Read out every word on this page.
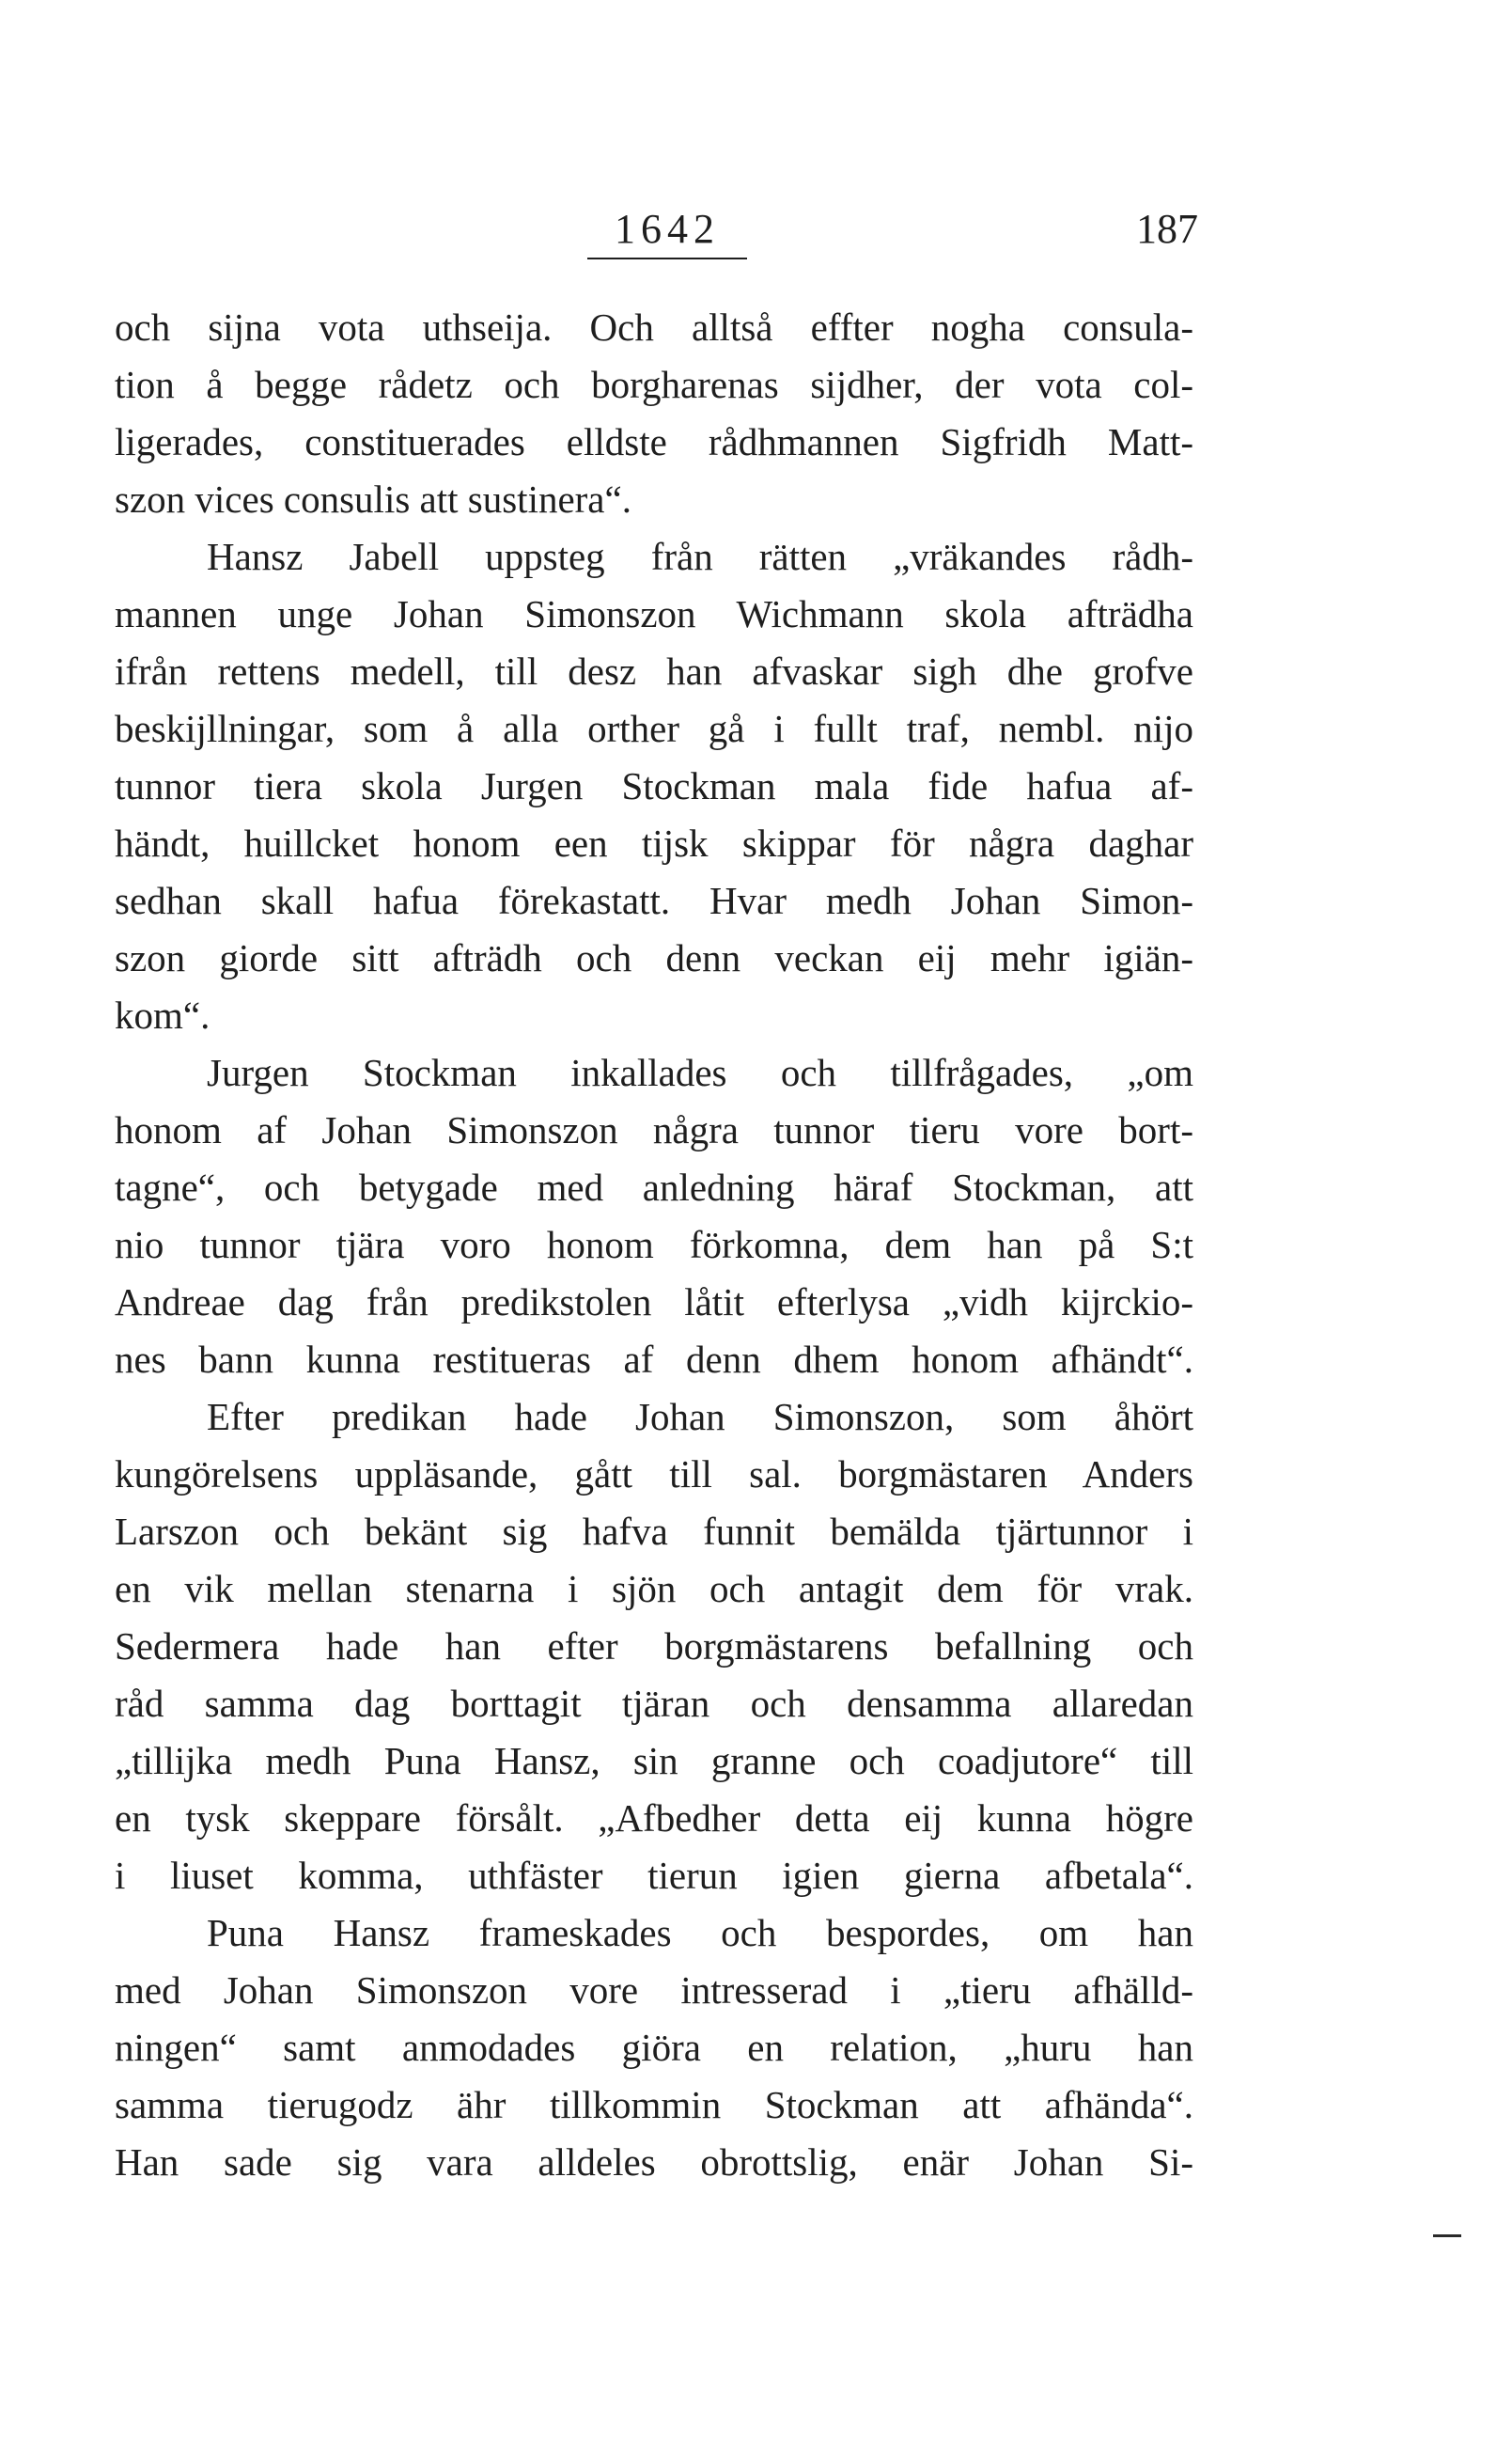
1642	187
och sijna vota uthseija. Och alltså effter nogha consula-
tion å begge rådetz och borgharenas sijdher, der vota col-
ligerades, constituerades elldste rådhmannen Sigfridh Matt-
szon vices consulis att sustinera“.
Hansz Jabell uppsteg från rätten „vräkandes rådh-
mannen unge Johan Simonszon Wichmann skola afträdha
ifrån rettens medell, till desz han afvaskar sigh dhe grofve
beskijllningar, som å alla orther gå i fullt traf, nembl. nijo
tunnor tiera skola Jurgen Stockman mala fide hafua af-
händt, huillcket honom een tijsk skippar för några daghar
sedhan skall hafua förekastatt. Hvar medh Johan Simon-
szon giorde sitt afträdh och denn veckan eij mehr igiän-
kom“.
Jurgen Stockman inkallades och tillfrågades, „om
honom af Johan Simonszon några tunnor tieru vore bort-
tagne“, och betygade med anledning häraf Stockman, att
nio tunnor tjära voro honom förkomna, dem han på S:t
Andreae dag från predikstolen låtit efterlysa „vidh kijrckio-
nes bann kunna restitueras af denn dhem honom afhändt“.
Efter predikan hade Johan Simonszon, som åhört
kungörelsens uppläsande, gått till sal. borgmästaren Anders
Larszon och bekänt sig hafva funnit bemälda tjärtunnor i
en vik mellan stenarna i sjön och antagit dem för vrak.
Sedermera hade han efter borgmästarens befallning och
råd samma dag borttagit tjäran och densamma allaredan
„tillijka medh Puna Hansz, sin granne och coadjutore“ till
en tysk skeppare försålt. „Afbedher detta eij kunna högre
i liuset komma, uthfäster tierun igien gierna afbetala“.
Puna Hansz frameskades och bespordes, om han
med Johan Simonszon vore intresserad i „tieru afhälld-
ningen“ samt anmodades giöra en relation, „huru han
samma tierugodz ähr tillkommin Stockman att afhända“.
Han sade sig vara alldeles obrottslig, enär Johan Si-
